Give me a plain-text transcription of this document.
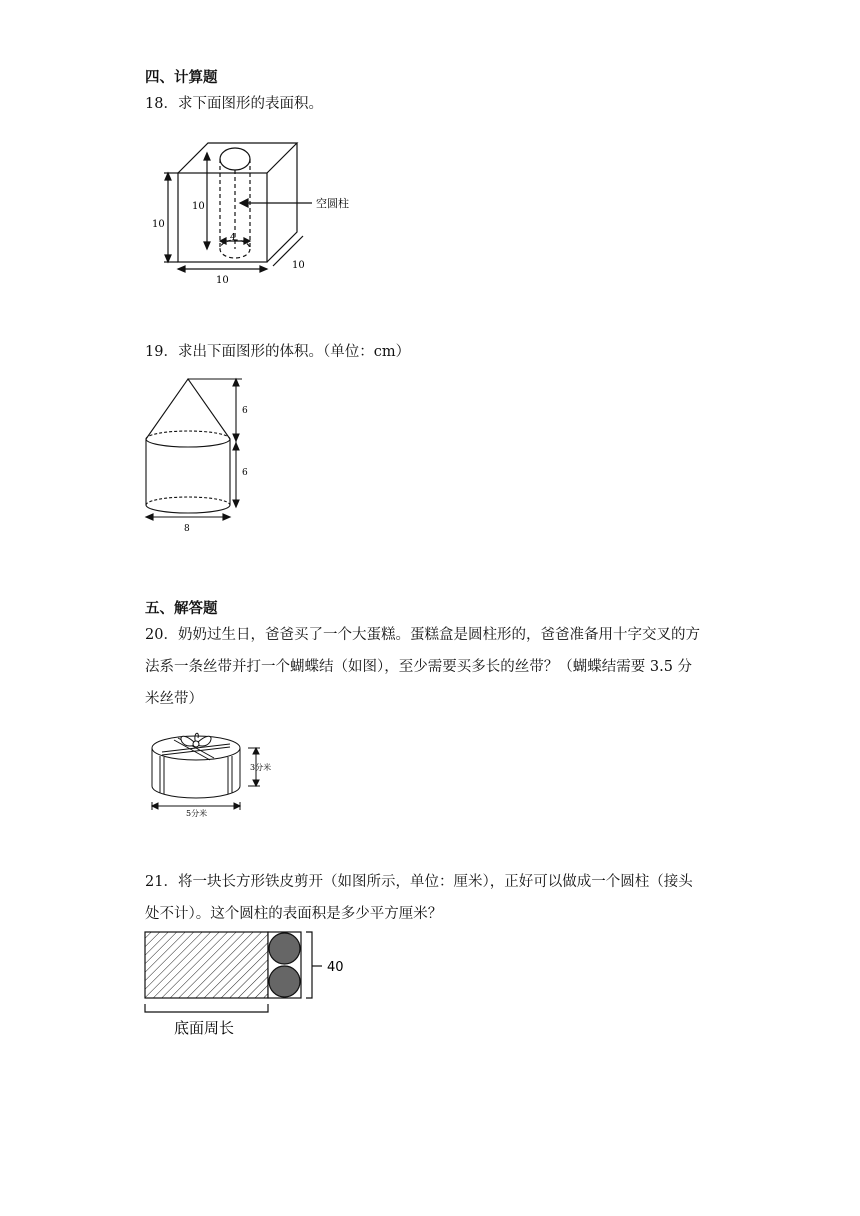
四、计算题
18．求下面图形的表面积。
10
10
4
10
10
空圆柱
19．求出下面图形的体积。（单位：cm）
6
6
8
五、解答题
20．奶奶过生日，爸爸买了一个大蛋糕。蛋糕盒是圆柱形的，爸爸准备用十字交叉的方
法系一条丝带并打一个蝴蝶结（如图），至少需要买多长的丝带？（蝴蝶结需要 3.5 分
米丝带）
3分米
5分米
21．将一块长方形铁皮剪开（如图所示，单位：厘米），正好可以做成一个圆柱（接头
处不计）。这个圆柱的表面积是多少平方厘米？
40
底面周长
